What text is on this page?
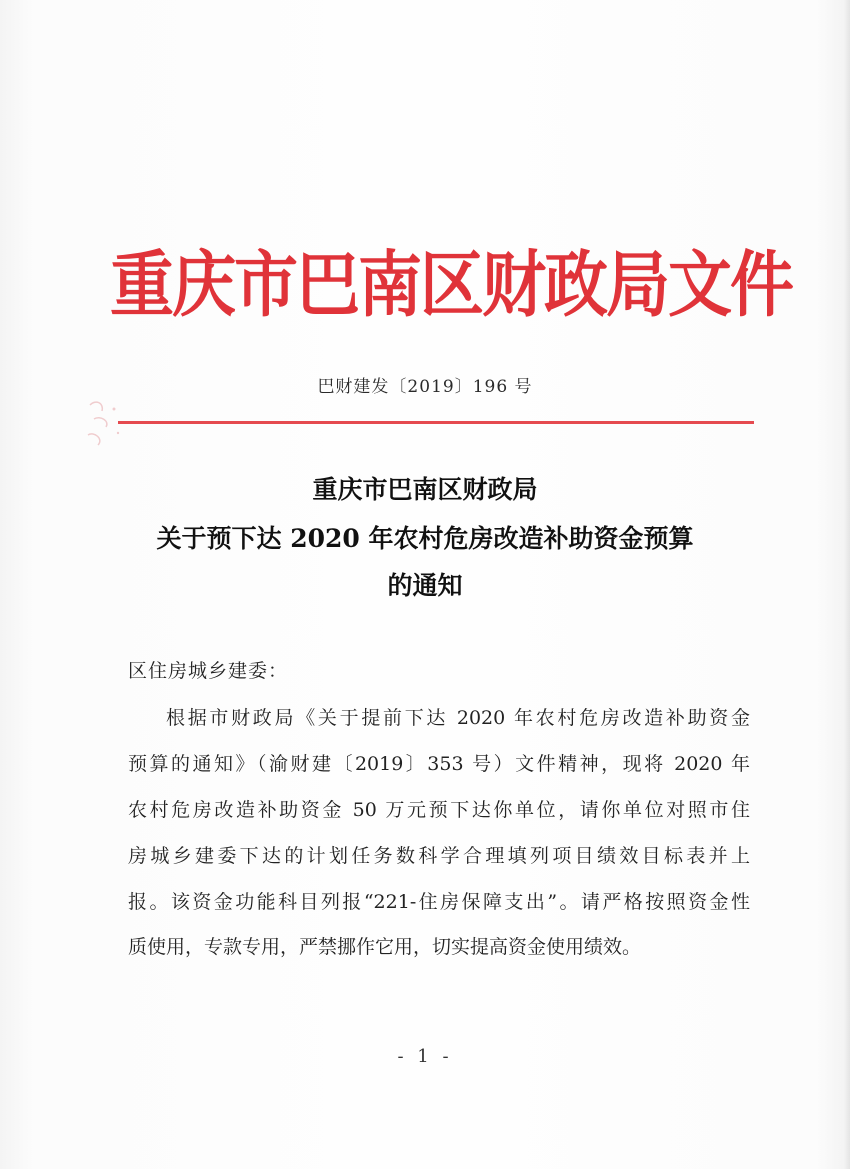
重庆市巴南区财政局文件
巴财建发〔2019〕196 号
重庆市巴南区财政局
关于预下达 2020 年农村危房改造补助资金预算
的通知
区住房城乡建委：
根据市财政局《关于提前下达 2020 年农村危房改造补助资金
预算的通知》（渝财建〔2019〕353 号）文件精神，现将 2020 年
农村危房改造补助资金 50 万元预下达你单位，请你单位对照市住
房城乡建委下达的计划任务数科学合理填列项目绩效目标表并上
报。该资金功能科目列报“221-住房保障支出”。请严格按照资金性
质使用，专款专用，严禁挪作它用，切实提高资金使用绩效。
- 1 -
